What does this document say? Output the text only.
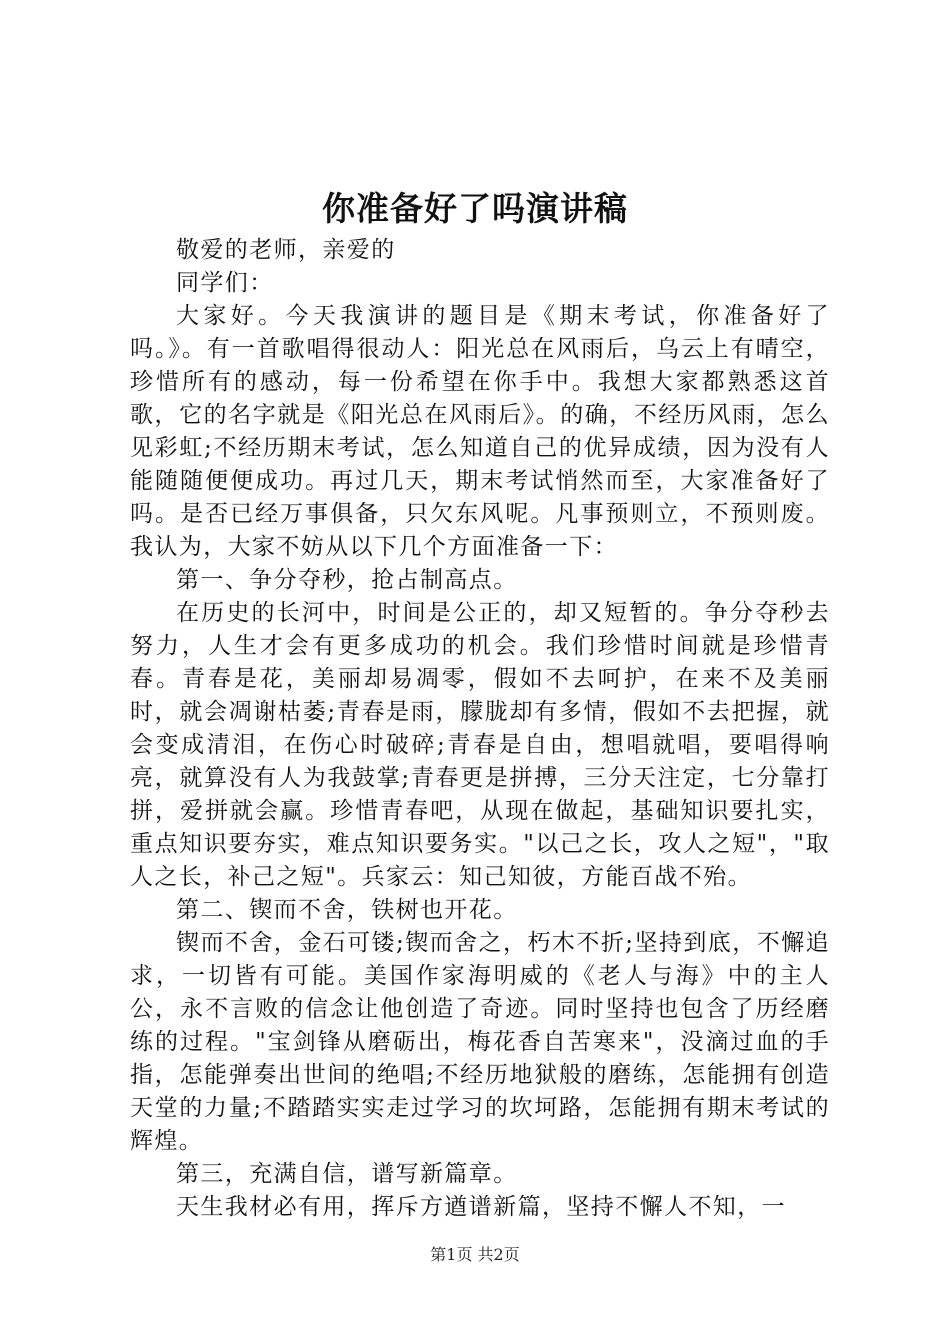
你准备好了吗演讲稿

敬爱的老师，亲爱的

同学们：

大家好。今天我演讲的题目是《期末考试，你准备好了吗。》。有一首歌唱得很动人：阳光总在风雨后，乌云上有晴空，珍惜所有的感动，每一份希望在你手中。我想大家都熟悉这首歌，它的名字就是《阳光总在风雨后》。的确，不经历风雨，怎么见彩虹;不经历期末考试，怎么知道自己的优异成绩，因为没有人能随随便便成功。再过几天，期末考试悄然而至，大家准备好了吗。是否已经万事俱备，只欠东风呢。凡事预则立，不预则废。我认为，大家不妨从以下几个方面准备一下：

第一、争分夺秒，抢占制高点。

在历史的长河中，时间是公正的，却又短暂的。争分夺秒去努力，人生才会有更多成功的机会。我们珍惜时间就是珍惜青春。青春是花，美丽却易凋零，假如不去呵护，在来不及美丽时，就会凋谢枯萎;青春是雨，朦胧却有多情，假如不去把握，就会变成清泪，在伤心时破碎;青春是自由，想唱就唱，要唱得响亮，就算没有人为我鼓掌;青春更是拼搏，三分天注定，七分靠打拼，爱拼就会赢。珍惜青春吧，从现在做起，基础知识要扎实，重点知识要夯实，难点知识要务实。"以己之长，攻人之短"，"取人之长，补己之短"。兵家云：知己知彼，方能百战不殆。

第二、锲而不舍，铁树也开花。

锲而不舍，金石可镂;锲而舍之，朽木不折;坚持到底，不懈追求，一切皆有可能。美国作家海明威的《老人与海》中的主人公，永不言败的信念让他创造了奇迹。同时坚持也包含了历经磨练的过程。"宝剑锋从磨砺出，梅花香自苦寒来"，没滴过血的手指，怎能弹奏出世间的绝唱;不经历地狱般的磨练，怎能拥有创造天堂的力量;不踏踏实实走过学习的坎坷路，怎能拥有期末考试的辉煌。

第三，充满自信，谱写新篇章。

天生我材必有用，挥斥方遒谱新篇，坚持不懈人不知，一

第1页 共2页
